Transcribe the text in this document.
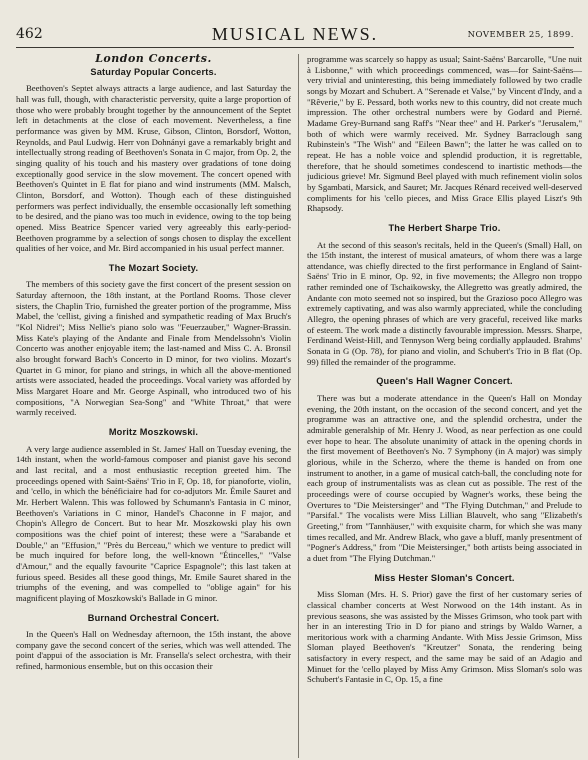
462	MUSICAL NEWS.	NOVEMBER 25, 1899.
London Concerts.
Saturday Popular Concerts.

Beethoven's Septet always attracts a large audience, and last Saturday the hall was full, though, with characteristic perversity, quite a large proportion of those who were probably brought together by the announcement of the Septet left in detachments at the close of each movement. Nevertheless, a fine performance was given by MM. Kruse, Gibson, Clinton, Borsdorf, Wotton, Reynolds, and Paul Ludwig. Herr von Dohnányi gave a remarkably bright and intellectually strong reading of Beethoven's Sonata in C major, from Op. 2, the singing quality of his touch and his mastery over gradations of tone doing exceptionally good service in the slow movement. The concert opened with Beethoven's Quintet in E flat for piano and wind instruments (MM. Malsch, Clinton, Borsdorf, and Wotton). Though each of these distinguished performers was perfect individually, the ensemble occasionally left something to be desired, and the piano was too much in evidence, owing to the top being opened. Miss Beatrice Spencer varied very agreeably this early-period-Beethoven programme by a selection of songs chosen to display the excellent qualities of her voice, and Mr. Bird accompanied in his usual perfect manner.

The Mozart Society.

The members of this society gave the first concert of the present session on Saturday afternoon, the 18th instant, at the Portland Rooms. Those clever sisters, the Chaplin Trio, furnished the greater portion of the programme, Miss Mabel, the 'cellist, giving a finished and sympathetic reading of Max Bruch's "Kol Nidrei"; Miss Nellie's piano solo was "Feuerzauber," Wagner-Brassin. Miss Kate's playing of the Andante and Finale from Mendelssohn's Violin Concerto was another enjoyable item; the last-named and Miss C. A. Bronsil also brought forward Bach's Concerto in D minor, for two violins. Mozart's Quartet in G minor, for piano and strings, in which all the above-mentioned artists were associated, headed the proceedings. Vocal variety was afforded by Miss Margaret Hoare and Mr. George Aspinall, who introduced two of his compositions, "A Norwegian Sea-Song" and "White Throat," that were warmly received.

Moritz Moszkowski.

A very large audience assembled in St. James' Hall on Tuesday evening, the 14th instant, when the world-famous composer and pianist gave his second and last recital, and a most enthusiastic reception greeted him. The proceedings opened with Saint-Saëns' Trio in F, Op. 18, for pianoforte, violin, and 'cello, in which the bénéficiaire had for co-adjutors Mr. Émile Sauret and Mr. Herbert Walenn. This was followed by Schumann's Fantasia in C minor, Beethoven's Variations in C minor, Handel's Chaconne in F major, and Chopin's Allegro de Concert. But to hear Mr. Moszkowski play his own compositions was the chief point of interest; these were a "Sarabande et Double," an "Effusion," "Près du Berceau," which we venture to predict will be much inquired for before long, the well-known "Étincelles," "Valse d'Amour," and the equally favourite "Caprice Espagnole"; this last taken at furious speed. Besides all these good things, Mr. Emile Sauret shared in the triumphs of the evening, and was compelled to "oblige again" for his magnificent playing of Moszkowski's Ballade in G minor.

Burnand Orchestral Concert.

In the Queen's Hall on Wednesday afternoon, the 15th instant, the above company gave the second concert of the series, which was well attended. The point d'appui of the association is Mr. Fransella's select orchestra, with their refined, harmonious ensemble, but on this occasion their

programme was scarcely so happy as usual; Saint-Saëns' Barcarolle, "Une nuit à Lisbonne," with which proceedings commenced, was—for Saint-Saëns—very trivial and uninteresting, this being immediately followed by two cradle songs by Mozart and Schubert. A "Serenade et Valse," by Vincent d'Indy, and a "Rêverie," by E. Pessard, both works new to this country, did not create much impression. The other orchestral numbers were by Godard and Pierné. Madame Grey-Burnand sang Raff's "Near thee" and H. Parker's "Jerusalem," both of which were warmly received. Mr. Sydney Barraclough sang Rubinstein's "The Wish" and "Eileen Bawn"; the latter he was called on to repeat. He has a noble voice and splendid production, it is regrettable, therefore, that he should sometimes condescend to inartistic methods—the judicious grieve! Mr. Sigmund Beel played with much refinement violin solos by Sgambati, Marsick, and Sauret; Mr. Jacques Rénard received well-deserved compliments for his 'cello pieces, and Miss Grace Ellis played Liszt's 9th Rhapsody.

The Herbert Sharpe Trio.

At the second of this season's recitals, held in the Queen's (Small) Hall, on the 15th instant, the interest of musical amateurs, of whom there was a large attendance, was chiefly directed to the first performance in England of Saint-Saëns' Trio in E minor, Op. 92, in five movements; the Allegro non troppo rather reminded one of Tschaikowsky, the Allegretto was greatly admired, the Andante con moto seemed not so inspired, but the Grazioso poco Allegro was extremely captivating, and was also warmly appreciated, while the concluding Allegro, the opening phrases of which are very graceful, received like marks of esteem. The work made a distinctly favourable impression. Messrs. Sharpe, Ferdinand Weist-Hill, and Tennyson Werg being cordially applauded. Brahms' Sonata in G (Op. 78), for piano and violin, and Schubert's Trio in B flat (Op. 99) filled the remainder of the programme.

Queen's Hall Wagner Concert.

There was but a moderate attendance in the Queen's Hall on Monday evening, the 20th instant, on the occasion of the second concert, and yet the programme was an attractive one, and the splendid orchestra, under the admirable generalship of Mr. Henry J. Wood, as near perfection as one could ever hope to hear. The absolute unanimity of attack in the opening chords in the first movement of Beethoven's No. 7 Symphony (in A major) was simply glorious, while in the Scherzo, where the theme is handed on from one instrument to another, in a game of musical catch-ball, the concluding note for each group of instrumentalists was as clean cut as possible. The rest of the proceedings were of course occupied by Wagner's works, these being the Overtures to "Die Meistersinger" and "The Flying Dutchman," and Prelude to "Parsifal." The vocalists were Miss Lillian Blauvelt, who sang "Elizabeth's Greeting," from "Tannhäuser," with exquisite charm, for which she was many times recalled, and Mr. Andrew Black, who gave a bluff, manly presentment of "Pogner's Address," from "Die Meistersinger," both artists being associated in a duet from "The Flying Dutchman."

Miss Hester Sloman's Concert.

Miss Sloman (Mrs. H. S. Prior) gave the first of her customary series of classical chamber concerts at West Norwood on the 14th instant. As in previous seasons, she was assisted by the Misses Grimson, who took part with her in an interesting Trio in D for piano and strings by Waldo Warner, a meritorious work with a charming Andante. With Miss Jessie Grimson, Miss Sloman played Beethoven's "Kreutzer" Sonata, the rendering being satisfactory in every respect, and the same may be said of an Adagio and Minuet for the 'cello played by Miss Amy Grimson. Miss Sloman's solo was Schubert's Fantasie in C, Op. 15, a fine
